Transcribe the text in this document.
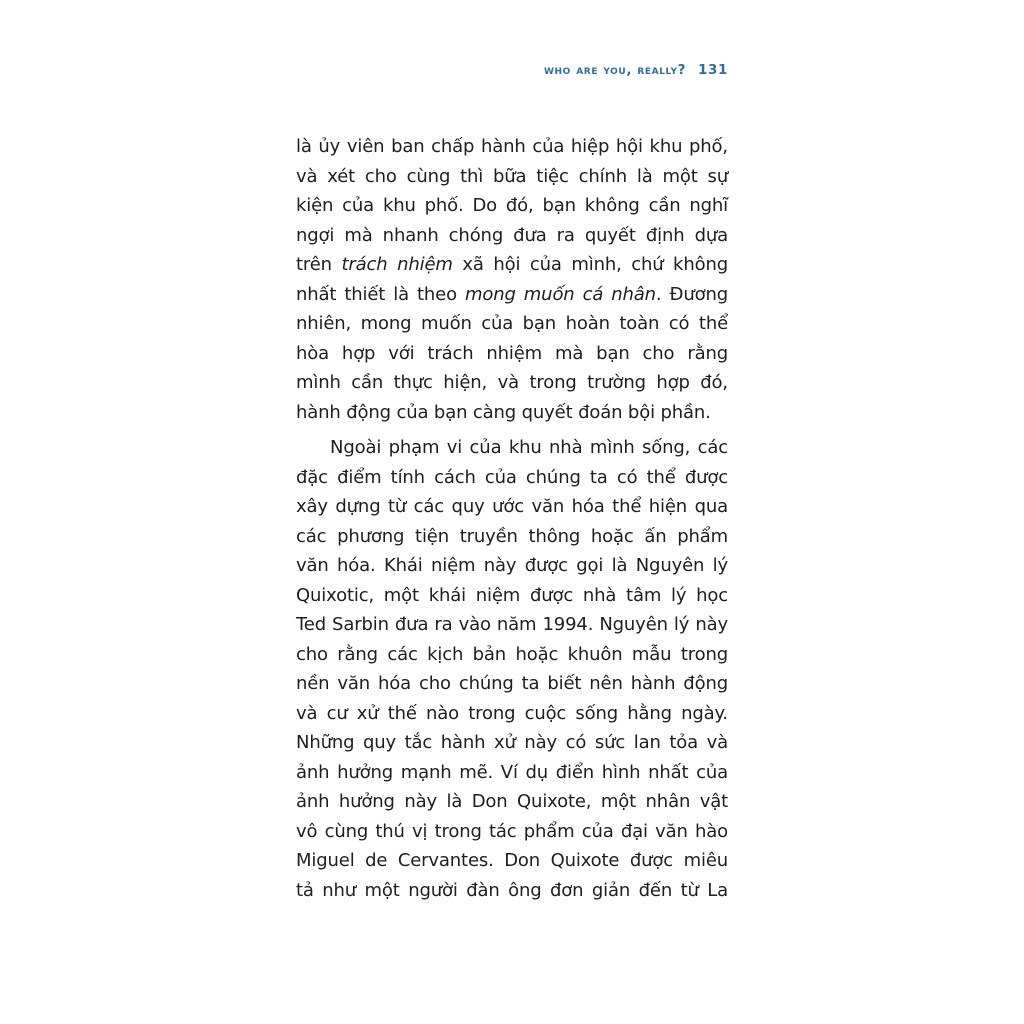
who are you, really? 131
là ủy viên ban chấp hành của hiệp hội khu phố,
và xét cho cùng thì bữa tiệc chính là một sự
kiện của khu phố. Do đó, bạn không cần nghĩ
ngợi mà nhanh chóng đưa ra quyết định dựa
trên trách nhiệm xã hội của mình, chứ không
nhất thiết là theo mong muốn cá nhân. Đương
nhiên, mong muốn của bạn hoàn toàn có thể
hòa hợp với trách nhiệm mà bạn cho rằng
mình cần thực hiện, và trong trường hợp đó,
hành động của bạn càng quyết đoán bội phần.
Ngoài phạm vi của khu nhà mình sống, các
đặc điểm tính cách của chúng ta có thể được
xây dựng từ các quy ước văn hóa thể hiện qua
các phương tiện truyền thông hoặc ấn phẩm
văn hóa. Khái niệm này được gọi là Nguyên lý
Quixotic, một khái niệm được nhà tâm lý học
Ted Sarbin đưa ra vào năm 1994. Nguyên lý này
cho rằng các kịch bản hoặc khuôn mẫu trong
nền văn hóa cho chúng ta biết nên hành động
và cư xử thế nào trong cuộc sống hằng ngày.
Những quy tắc hành xử này có sức lan tỏa và
ảnh hưởng mạnh mẽ. Ví dụ điển hình nhất của
ảnh hưởng này là Don Quixote, một nhân vật
vô cùng thú vị trong tác phẩm của đại văn hào
Miguel de Cervantes. Don Quixote được miêu
tả như một người đàn ông đơn giản đến từ La
